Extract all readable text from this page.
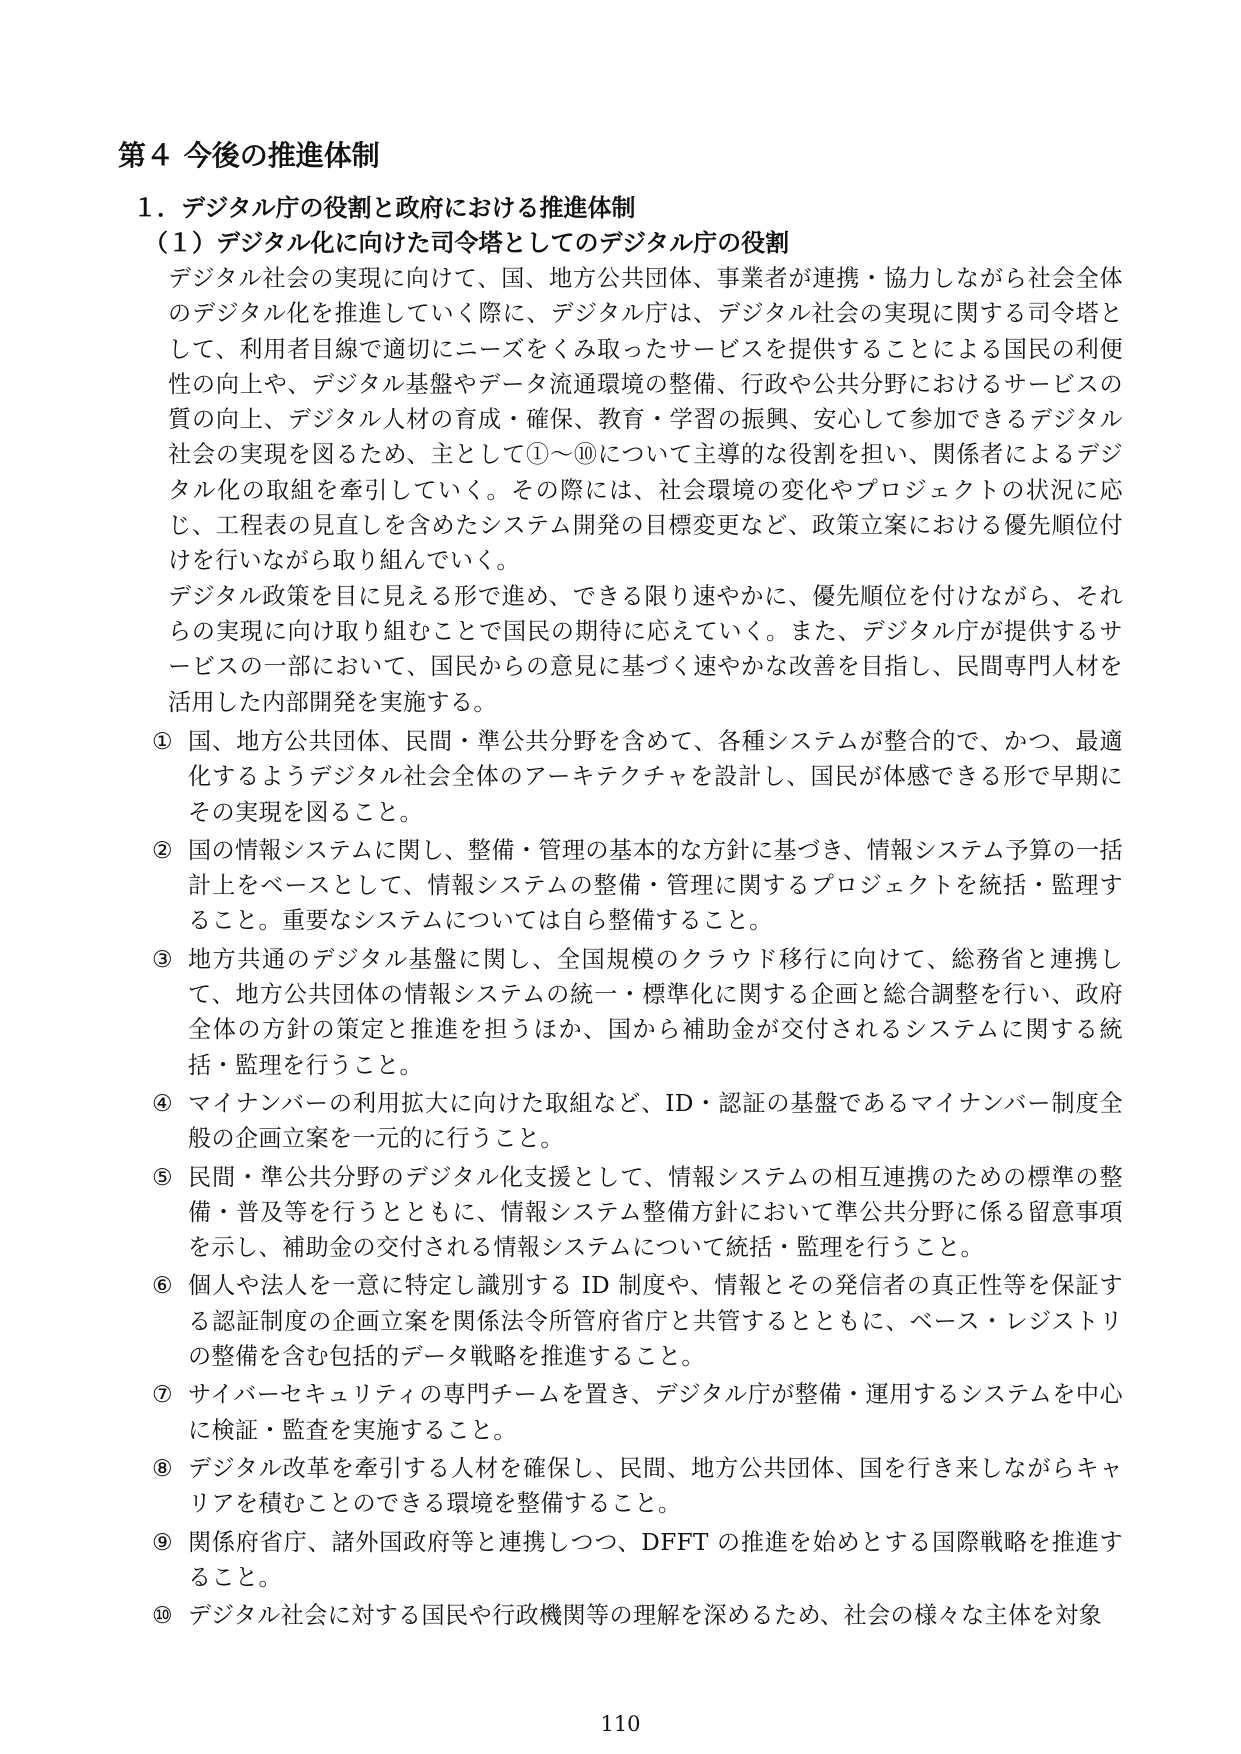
第４ 今後の推進体制
１．デジタル庁の役割と政府における推進体制
（１）デジタル化に向けた司令塔としてのデジタル庁の役割

デジタル社会の実現に向けて、国、地方公共団体、事業者が連携・協力しながら社会全体のデジタル化を推進していく際に、デジタル庁は、デジタル社会の実現に関する司令塔として、利用者目線で適切にニーズをくみ取ったサービスを提供することによる国民の利便性の向上や、デジタル基盤やデータ流通環境の整備、行政や公共分野におけるサービスの質の向上、デジタル人材の育成・確保、教育・学習の振興、安心して参加できるデジタル社会の実現を図るため、主として①～⑩について主導的な役割を担い、関係者によるデジタル化の取組を牽引していく。その際には、社会環境の変化やプロジェクトの状況に応じ、工程表の見直しを含めたシステム開発の目標変更など、政策立案における優先順位付けを行いながら取り組んでいく。

デジタル政策を目に見える形で進め、できる限り速やかに、優先順位を付けながら、それらの実現に向け取り組むことで国民の期待に応えていく。また、デジタル庁が提供するサービスの一部において、国民からの意見に基づく速やかな改善を目指し、民間専門人材を活用した内部開発を実施する。

① 国、地方公共団体、民間・準公共分野を含めて、各種システムが整合的で、かつ、最適化するようデジタル社会全体のアーキテクチャを設計し、国民が体感できる形で早期にその実現を図ること。
② 国の情報システムに関し、整備・管理の基本的な方針に基づき、情報システム予算の一括計上をベースとして、情報システムの整備・管理に関するプロジェクトを統括・監理すること。重要なシステムについては自ら整備すること。
③ 地方共通のデジタル基盤に関し、全国規模のクラウド移行に向けて、総務省と連携して、地方公共団体の情報システムの統一・標準化に関する企画と総合調整を行い、政府全体の方針の策定と推進を担うほか、国から補助金が交付されるシステムに関する統括・監理を行うこと。
④ マイナンバーの利用拡大に向けた取組など、ID・認証の基盤であるマイナンバー制度全般の企画立案を一元的に行うこと。
⑤ 民間・準公共分野のデジタル化支援として、情報システムの相互連携のための標準の整備・普及等を行うとともに、情報システム整備方針において準公共分野に係る留意事項を示し、補助金の交付される情報システムについて統括・監理を行うこと。
⑥ 個人や法人を一意に特定し識別する ID 制度や、情報とその発信者の真正性等を保証する認証制度の企画立案を関係法令所管府省庁と共管するとともに、ベース・レジストリの整備を含む包括的データ戦略を推進すること。
⑦ サイバーセキュリティの専門チームを置き、デジタル庁が整備・運用するシステムを中心に検証・監査を実施すること。
⑧ デジタル改革を牽引する人材を確保し、民間、地方公共団体、国を行き来しながらキャリアを積むことのできる環境を整備すること。
⑨ 関係府省庁、諸外国政府等と連携しつつ、DFFT の推進を始めとする国際戦略を推進すること。
⑩ デジタル社会に対する国民や行政機関等の理解を深めるため、社会の様々な主体を対象
110
